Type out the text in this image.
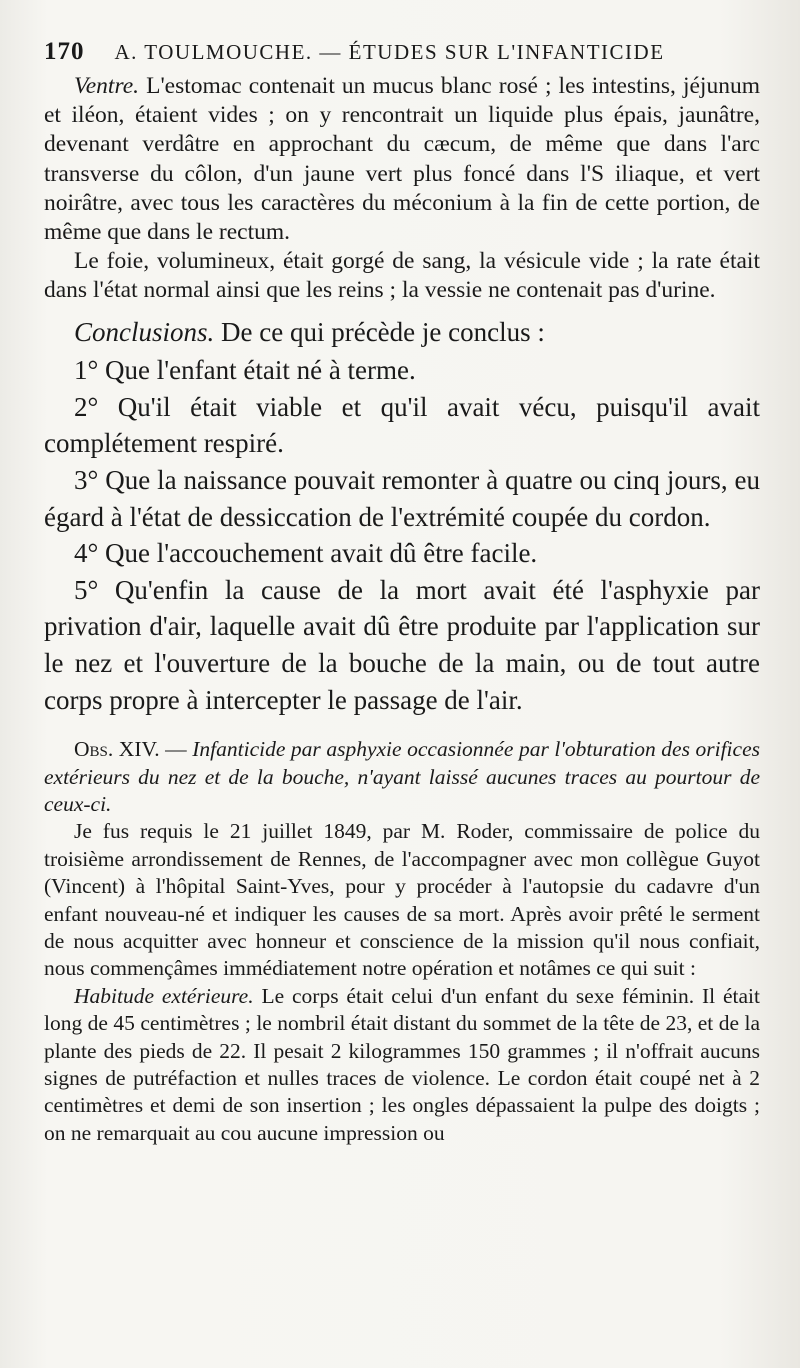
170 A. TOULMOUCHE. — ÉTUDES SUR L'INFANTICIDE

Ventre. L'estomac contenait un mucus blanc rosé ; les intestins, jéjunum et iléon, étaient vides ; on y rencontrait un liquide plus épais, jaunâtre, devenant verdâtre en approchant du cæcum, de même que dans l'arc transverse du côlon, d'un jaune vert plus foncé dans l'S iliaque, et vert noirâtre, avec tous les caractères du méconium à la fin de cette portion, de même que dans le rectum.

Le foie, volumineux, était gorgé de sang, la vésicule vide ; la rate était dans l'état normal ainsi que les reins ; la vessie ne contenait pas d'urine.

Conclusions. De ce qui précède je conclus :

1° Que l'enfant était né à terme.

2° Qu'il était viable et qu'il avait vécu, puisqu'il avait complétement respiré.

3° Que la naissance pouvait remonter à quatre ou cinq jours, eu égard à l'état de dessiccation de l'extrémité coupée du cordon.

4° Que l'accouchement avait dû être facile.

5° Qu'enfin la cause de la mort avait été l'asphyxie par privation d'air, laquelle avait dû être produite par l'application sur le nez et l'ouverture de la bouche de la main, ou de tout autre corps propre à intercepter le passage de l'air.

Obs. XIV. — Infanticide par asphyxie occasionnée par l'obturation des orifices extérieurs du nez et de la bouche, n'ayant laissé aucunes traces au pourtour de ceux-ci.

Je fus requis le 21 juillet 1849, par M. Roder, commissaire de police du troisième arrondissement de Rennes, de l'accompagner avec mon collègue Guyot (Vincent) à l'hôpital Saint-Yves, pour y procéder à l'autopsie du cadavre d'un enfant nouveau-né et indiquer les causes de sa mort. Après avoir prêté le serment de nous acquitter avec honneur et conscience de la mission qu'il nous confiait, nous commençâmes immédiatement notre opération et notâmes ce qui suit :

Habitude extérieure. Le corps était celui d'un enfant du sexe féminin. Il était long de 45 centimètres ; le nombril était distant du sommet de la tête de 23, et de la plante des pieds de 22. Il pesait 2 kilogrammes 150 grammes ; il n'offrait aucuns signes de putréfaction et nulles traces de violence. Le cordon était coupé net à 2 centimètres et demi de son insertion ; les ongles dépassaient la pulpe des doigts ; on ne remarquait au cou aucune impression ou
